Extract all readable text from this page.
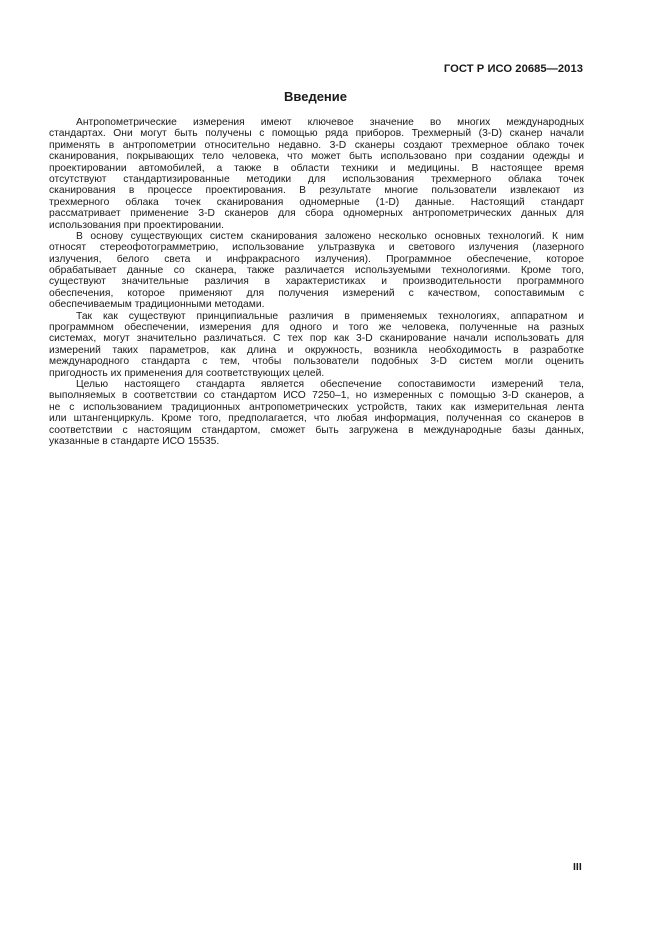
ГОСТ Р ИСО 20685—2013
Введение
Антропометрические измерения имеют ключевое значение во многих международных
стандартах. Они могут быть получены с помощью ряда приборов. Трехмерный (3-D) сканер начали
применять в антропометрии относительно недавно. 3-D сканеры создают трехмерное облако точек
сканирования, покрывающих тело человека, что может быть использовано при создании одежды и
проектировании автомобилей, а также в области техники и медицины. В настоящее время
отсутствуют стандартизированные методики для использования трехмерного облака точек
сканирования в процессе проектирования. В результате многие пользователи извлекают из
трехмерного облака точек сканирования одномерные (1-D) данные. Настоящий стандарт
рассматривает применение 3-D сканеров для сбора одномерных антропометрических данных для
использования при проектировании.
В основу существующих систем сканирования заложено несколько основных технологий. К ним
относят стереофотограмметрию, использование ультразвука и светового излучения (лазерного
излучения, белого света и инфракрасного излучения). Программное обеспечение, которое
обрабатывает данные со сканера, также различается используемыми технологиями. Кроме того,
существуют значительные различия в характеристиках и производительности программного
обеспечения, которое применяют для получения измерений с качеством, сопоставимым с
обеспечиваемым традиционными методами.
Так как существуют принципиальные различия в применяемых технологиях, аппаратном и
программном обеспечении, измерения для одного и того же человека, полученные на разных
системах, могут значительно различаться. С тех пор как 3-D сканирование начали использовать для
измерений таких параметров, как длина и окружность, возникла необходимость в разработке
международного стандарта с тем, чтобы пользователи подобных 3-D систем могли оценить
пригодность их применения для соответствующих целей.
Целью настоящего стандарта является обеспечение сопоставимости измерений тела,
выполняемых в соответствии со стандартом ИСО 7250–1, но измеренных с помощью 3-D сканеров, а
не с использованием традиционных антропометрических устройств, таких как измерительная лента
или штангенциркуль. Кроме того, предполагается, что любая информация, полученная со сканеров в
соответствии с настоящим стандартом, сможет быть загружена в международные базы данных,
указанные в стандарте ИСО 15535.
III
